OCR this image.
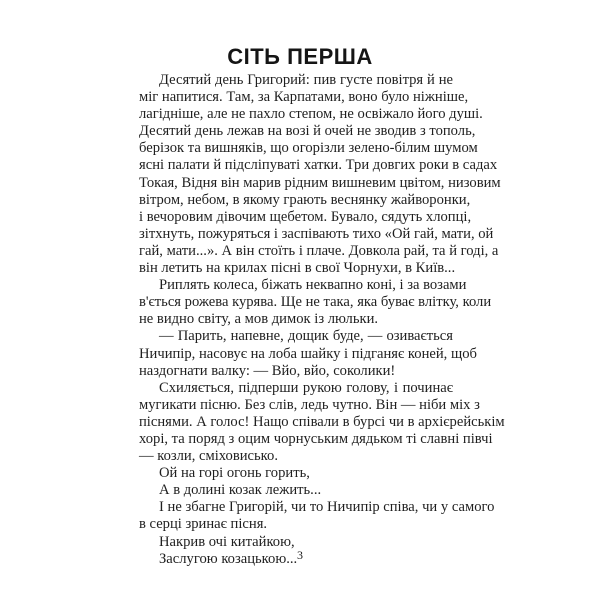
СІТЬ ПЕРША
Десятий день Григорий: пив густе повітря й не
міг напитися. Там, за Карпатами, воно було ніжніше,
лагідніше, але не пахло степом, не освіжало його душі.
Десятий день лежав на возі й очей не зводив з тополь,
берізок та вишняків, що огорізли зелено-білим шумом
ясні палати й підсліпуваті хатки. Три довгих роки в садах
Токая, Відня він марив рідним вишневим цвітом, низовим
вітром, небом, в якому грають веснянку жайворонки,
і вечоровим дівочим щебетом. Бувало, сядуть хлопці,
зітхнуть, пожуряться і заспівають тихо «Ой гай, мати, ой
гай, мати...». А він стоїть і плаче. Довкола рай, та й годі, а
він летить на крилах пісні в свої Чорнухи, в Київ...
Риплять колеса, біжать неквапно коні, і за возами
в'ється рожева курява. Ще не така, яка буває влітку, коли
не видно світу, а мов димок із люльки.
— Парить, напевне, дощик буде, — озивається
Ничипір, насовує на лоба шайку і підганяє коней, щоб
наздогнати валку: — Вйо, вйо, соколики!
Схиляється, підперши рукою голову, і починає
мугикати пісню. Без слів, ледь чутно. Він — ніби міх з
піснями. А голос! Нащо співали в бурсі чи в архієрейськім
хорі, та поряд з оцим чорнуським дядьком ті славні півчі
— козли, сміховисько.
Ой на горі огонь горить,
А в долині козак лежить...
І не збагне Григорій, чи то Ничипір співа, чи у самого
в серці зринає пісня.
Накрив очі китайкою,
Заслугою козацькою... 3
